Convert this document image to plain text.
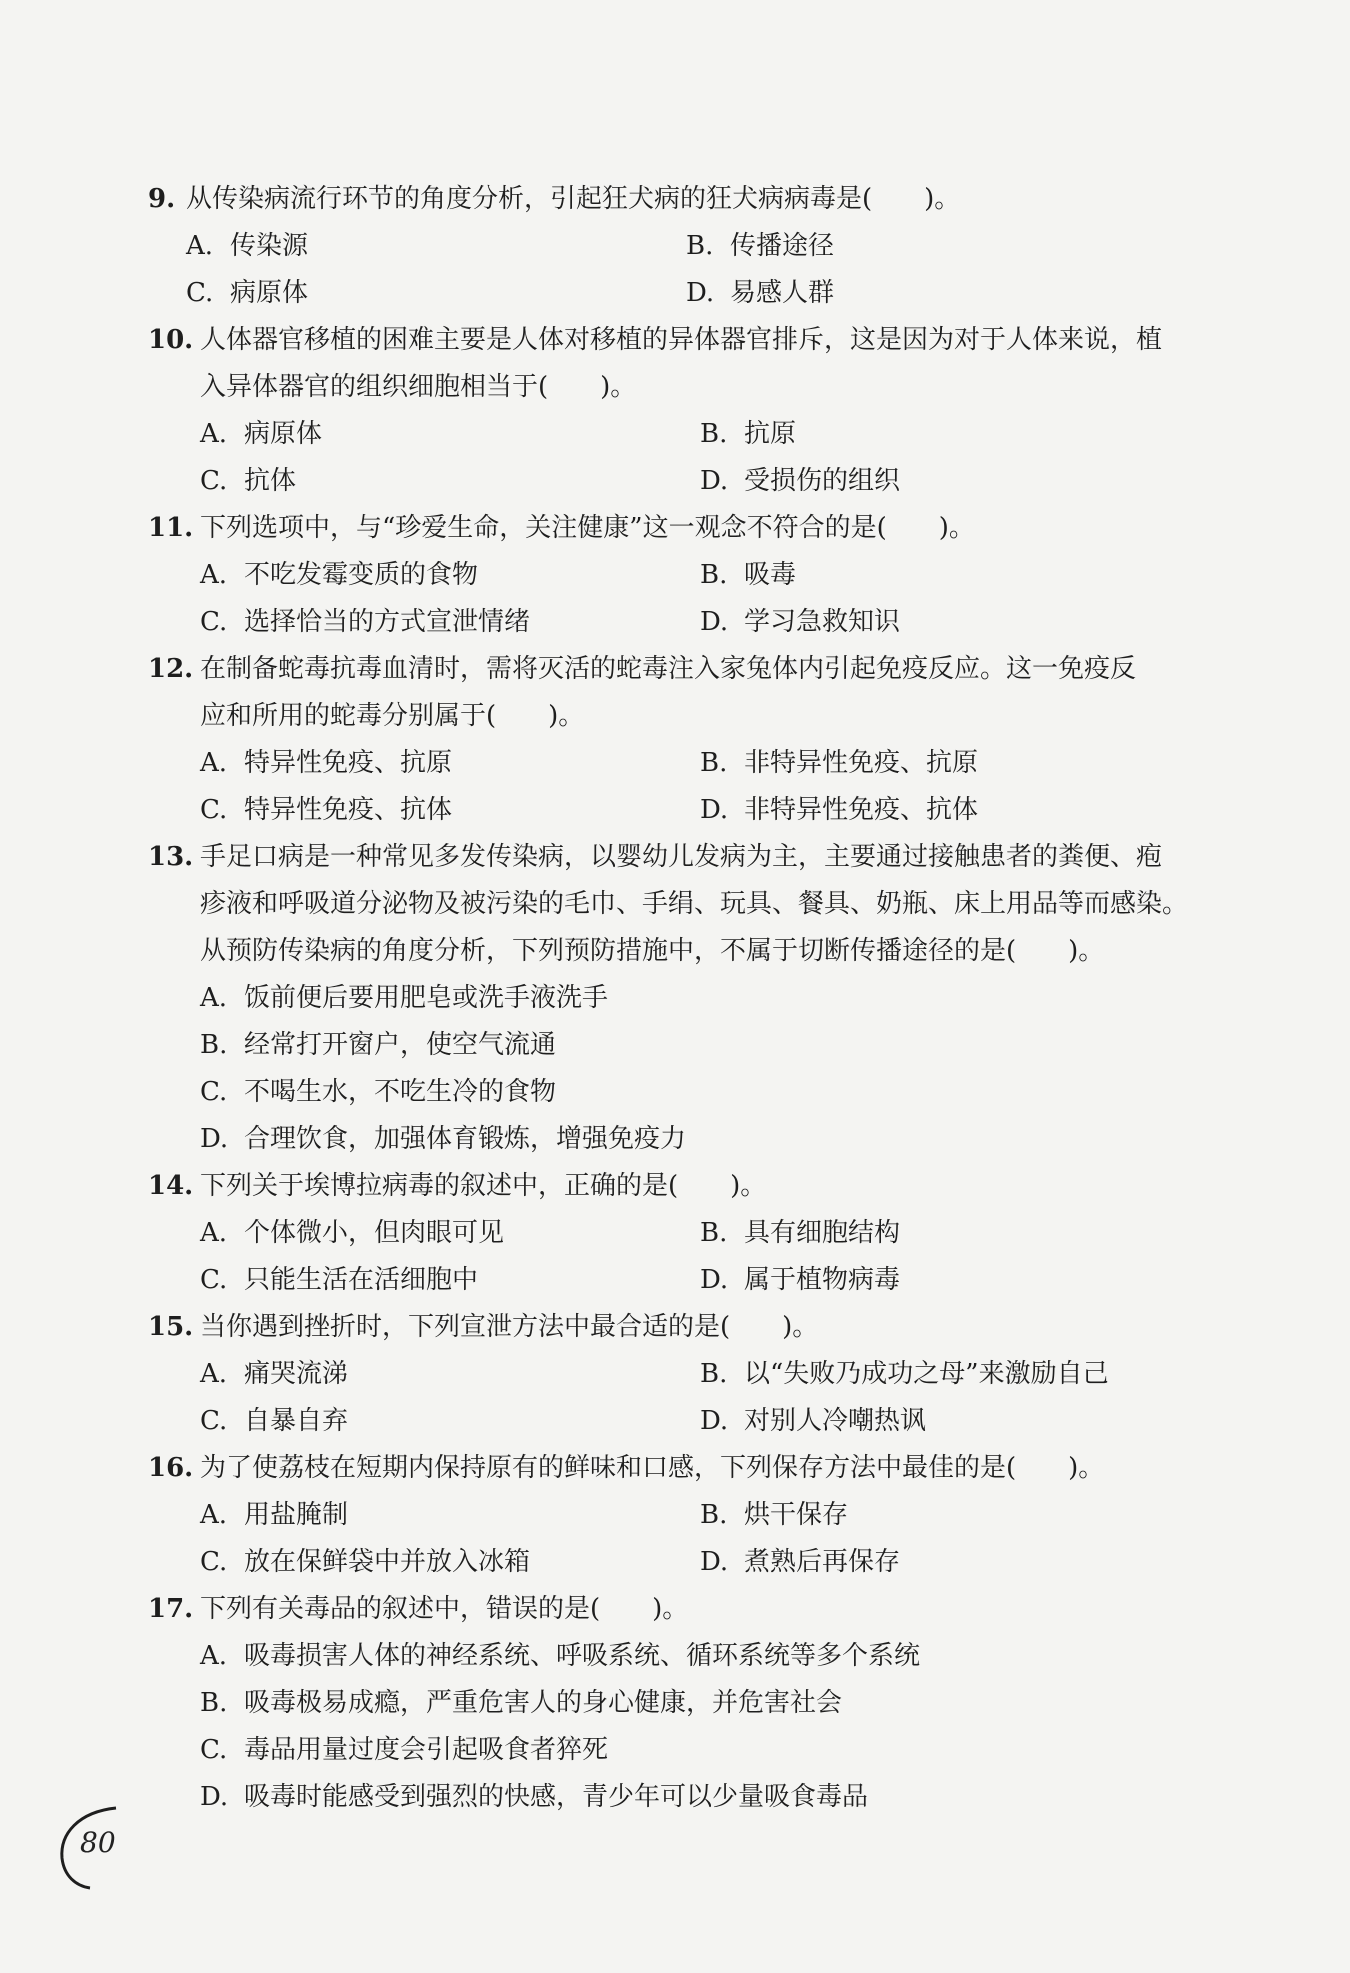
9. 从传染病流行环节的角度分析，引起狂犬病的狂犬病病毒是(　　)。
A. 传染源	B. 传播途径
C. 病原体	D. 易感人群
10. 人体器官移植的困难主要是人体对移植的异体器官排斥，这是因为对于人体来说，植
入异体器官的组织细胞相当于(　　)。
A. 病原体	B. 抗原
C. 抗体	D. 受损伤的组织
11. 下列选项中，与“珍爱生命，关注健康”这一观念不符合的是(　　)。
A. 不吃发霉变质的食物	B. 吸毒
C. 选择恰当的方式宣泄情绪	D. 学习急救知识
12. 在制备蛇毒抗毒血清时，需将灭活的蛇毒注入家兔体内引起免疫反应。这一免疫反
应和所用的蛇毒分别属于(　　)。
A. 特异性免疫、抗原	B. 非特异性免疫、抗原
C. 特异性免疫、抗体	D. 非特异性免疫、抗体
13. 手足口病是一种常见多发传染病，以婴幼儿发病为主，主要通过接触患者的粪便、疱
疹液和呼吸道分泌物及被污染的毛巾、手绢、玩具、餐具、奶瓶、床上用品等而感染。
从预防传染病的角度分析，下列预防措施中，不属于切断传播途径的是(　　)。
A. 饭前便后要用肥皂或洗手液洗手
B. 经常打开窗户，使空气流通
C. 不喝生水，不吃生冷的食物
D. 合理饮食，加强体育锻炼，增强免疫力
14. 下列关于埃博拉病毒的叙述中，正确的是(　　)。
A. 个体微小，但肉眼可见	B. 具有细胞结构
C. 只能生活在活细胞中	D. 属于植物病毒
15. 当你遇到挫折时，下列宣泄方法中最合适的是(　　)。
A. 痛哭流涕	B. 以“失败乃成功之母”来激励自己
C. 自暴自弃	D. 对别人冷嘲热讽
16. 为了使荔枝在短期内保持原有的鲜味和口感，下列保存方法中最佳的是(　　)。
A. 用盐腌制	B. 烘干保存
C. 放在保鲜袋中并放入冰箱	D. 煮熟后再保存
17. 下列有关毒品的叙述中，错误的是(　　)。
A. 吸毒损害人体的神经系统、呼吸系统、循环系统等多个系统
B. 吸毒极易成瘾，严重危害人的身心健康，并危害社会
C. 毒品用量过度会引起吸食者猝死
D. 吸毒时能感受到强烈的快感，青少年可以少量吸食毒品
80
